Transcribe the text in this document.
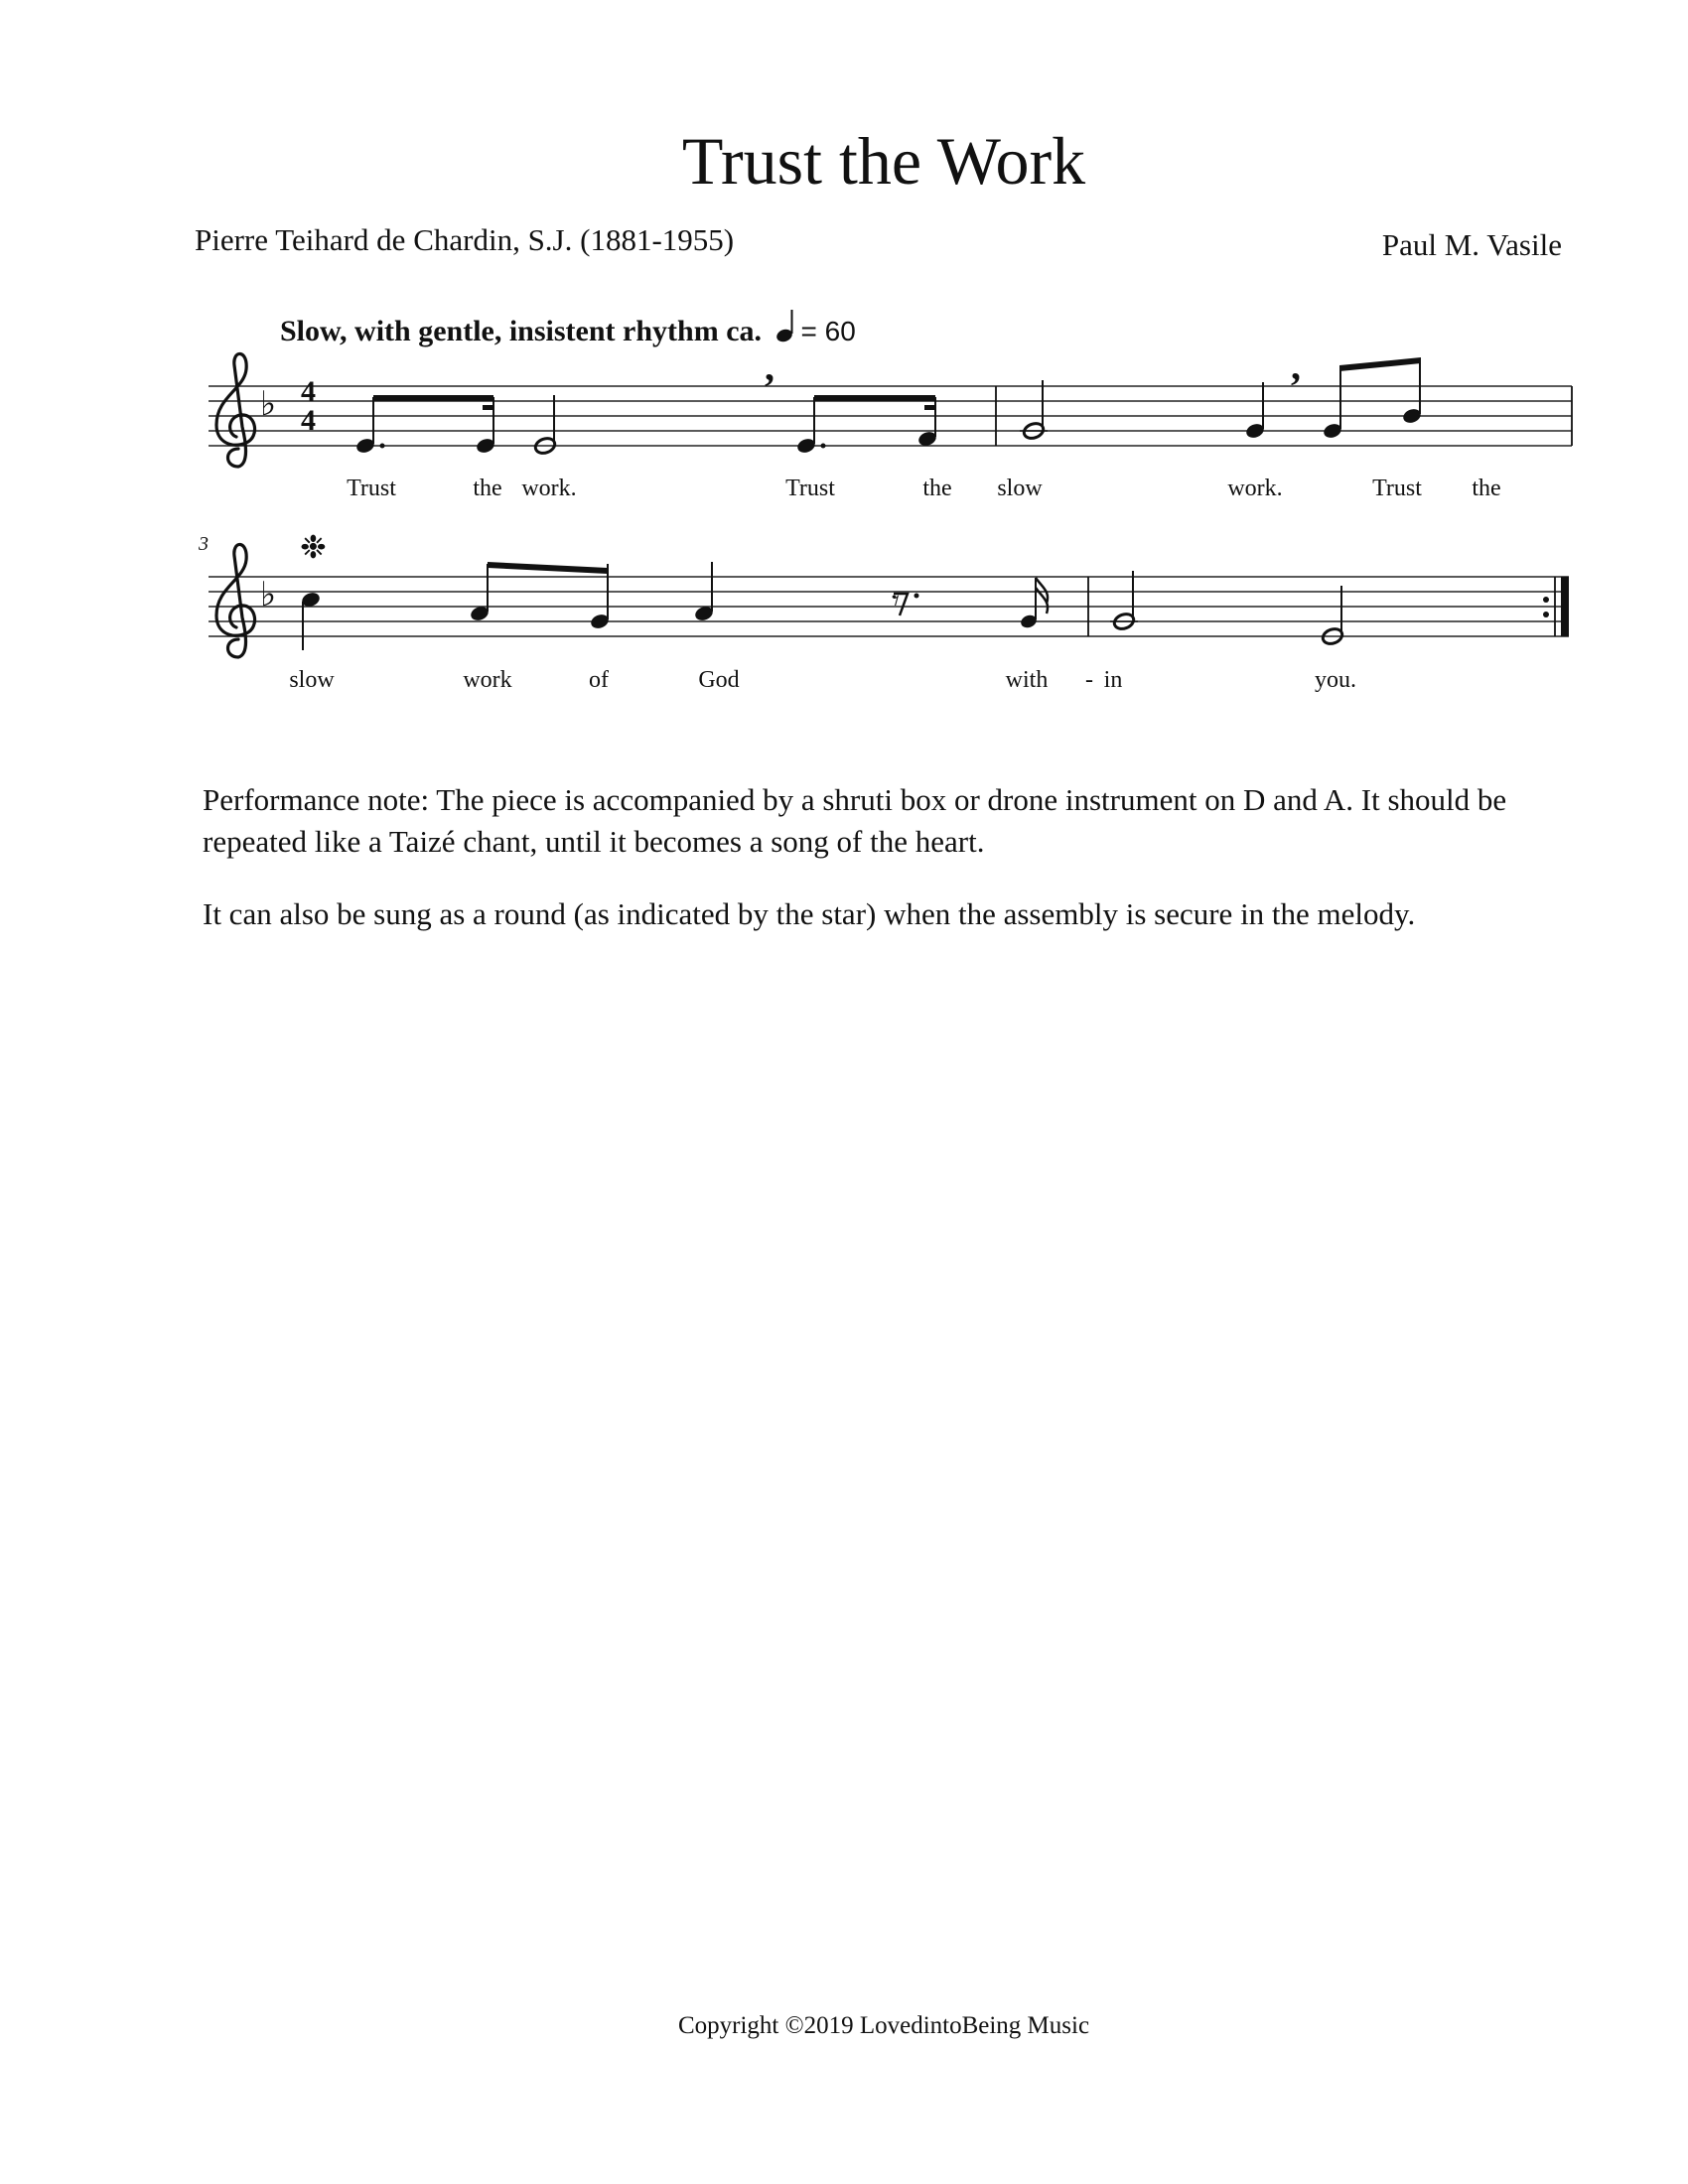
Trust the Work
Pierre Teihard de Chardin, S.J. (1881-1955)	Paul M. Vasile
Slow, with gentle, insistent rhythm ca. = 60
♭ 4
4
,	,
Trust	the work.	Trust	the slow	work.	Trust the
3
♭
❉
𝄾
slow	work	of	God	with - in	you.
Performance note: The piece is accompanied by a shruti box or drone instrument on D and A. It should be repeated like a Taizé chant, until it becomes a song of the heart.
It can also be sung as a round (as indicated by the star) when the assembly is secure in the melody.
Copyright ©2019 LovedintoBeing Music
